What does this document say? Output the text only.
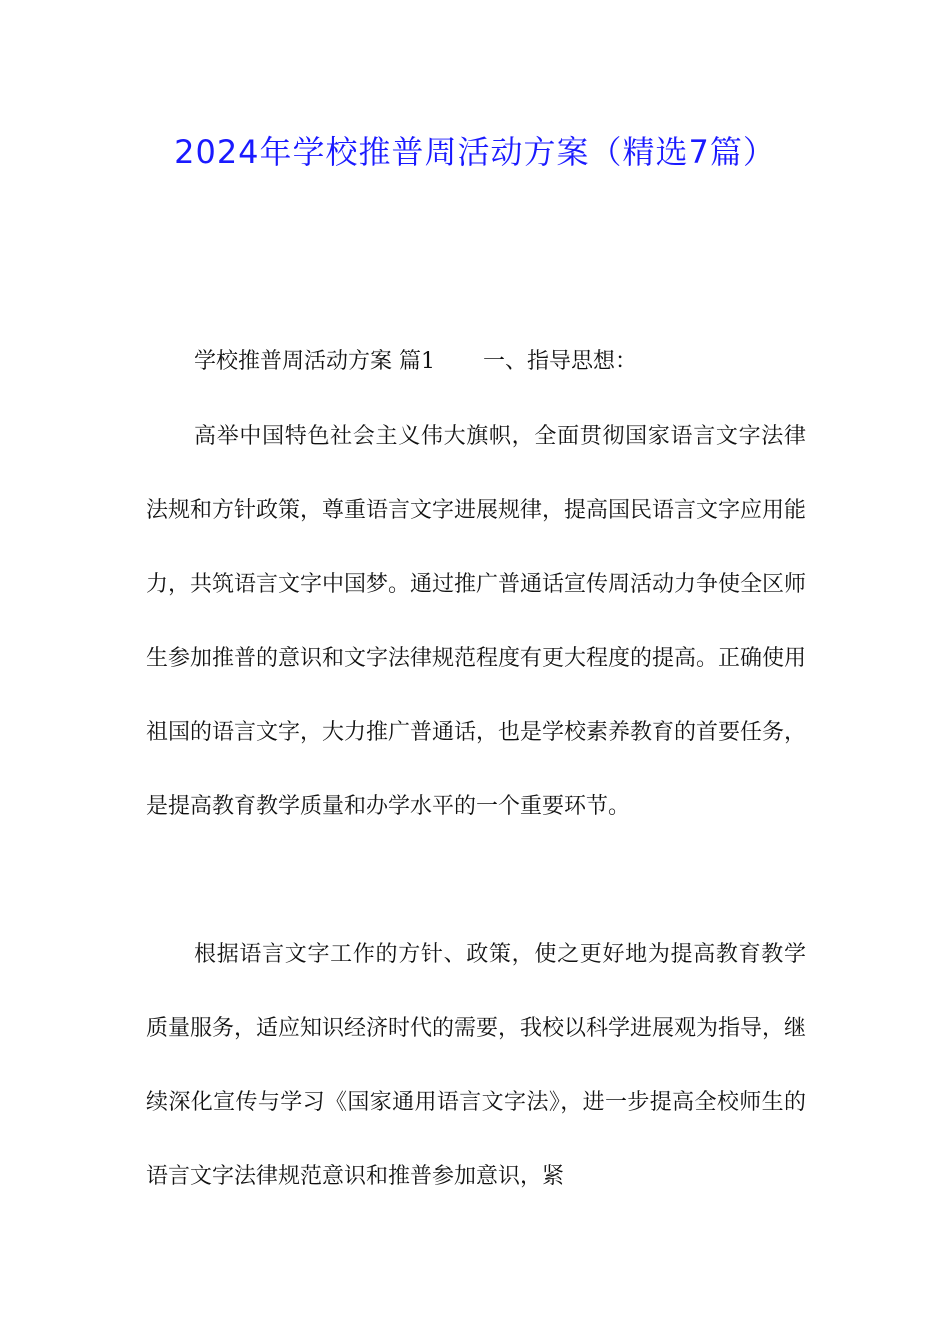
2024年学校推普周活动方案（精选7篇）
学校推普周活动方案 篇1 一、指导思想：

高举中国特色社会主义伟大旗帜，全面贯彻国家语言文字法律法规和方针政策，尊重语言文字进展规律，提高国民语言文字应用能力，共筑语言文字中国梦。通过推广普通话宣传周活动力争使全区师生参加推普的意识和文字法律规范程度有更大程度的提高。正确使用祖国的语言文字，大力推广普通话，也是学校素养教育的首要任务，是提高教育教学质量和办学水平的一个重要环节。

根据语言文字工作的方针、政策，使之更好地为提高教育教学质量服务，适应知识经济时代的需要，我校以科学进展观为指导，继续深化宣传与学习《国家通用语言文字法》，进一步提高全校师生的语言文字法律规范意识和推普参加意识，紧
